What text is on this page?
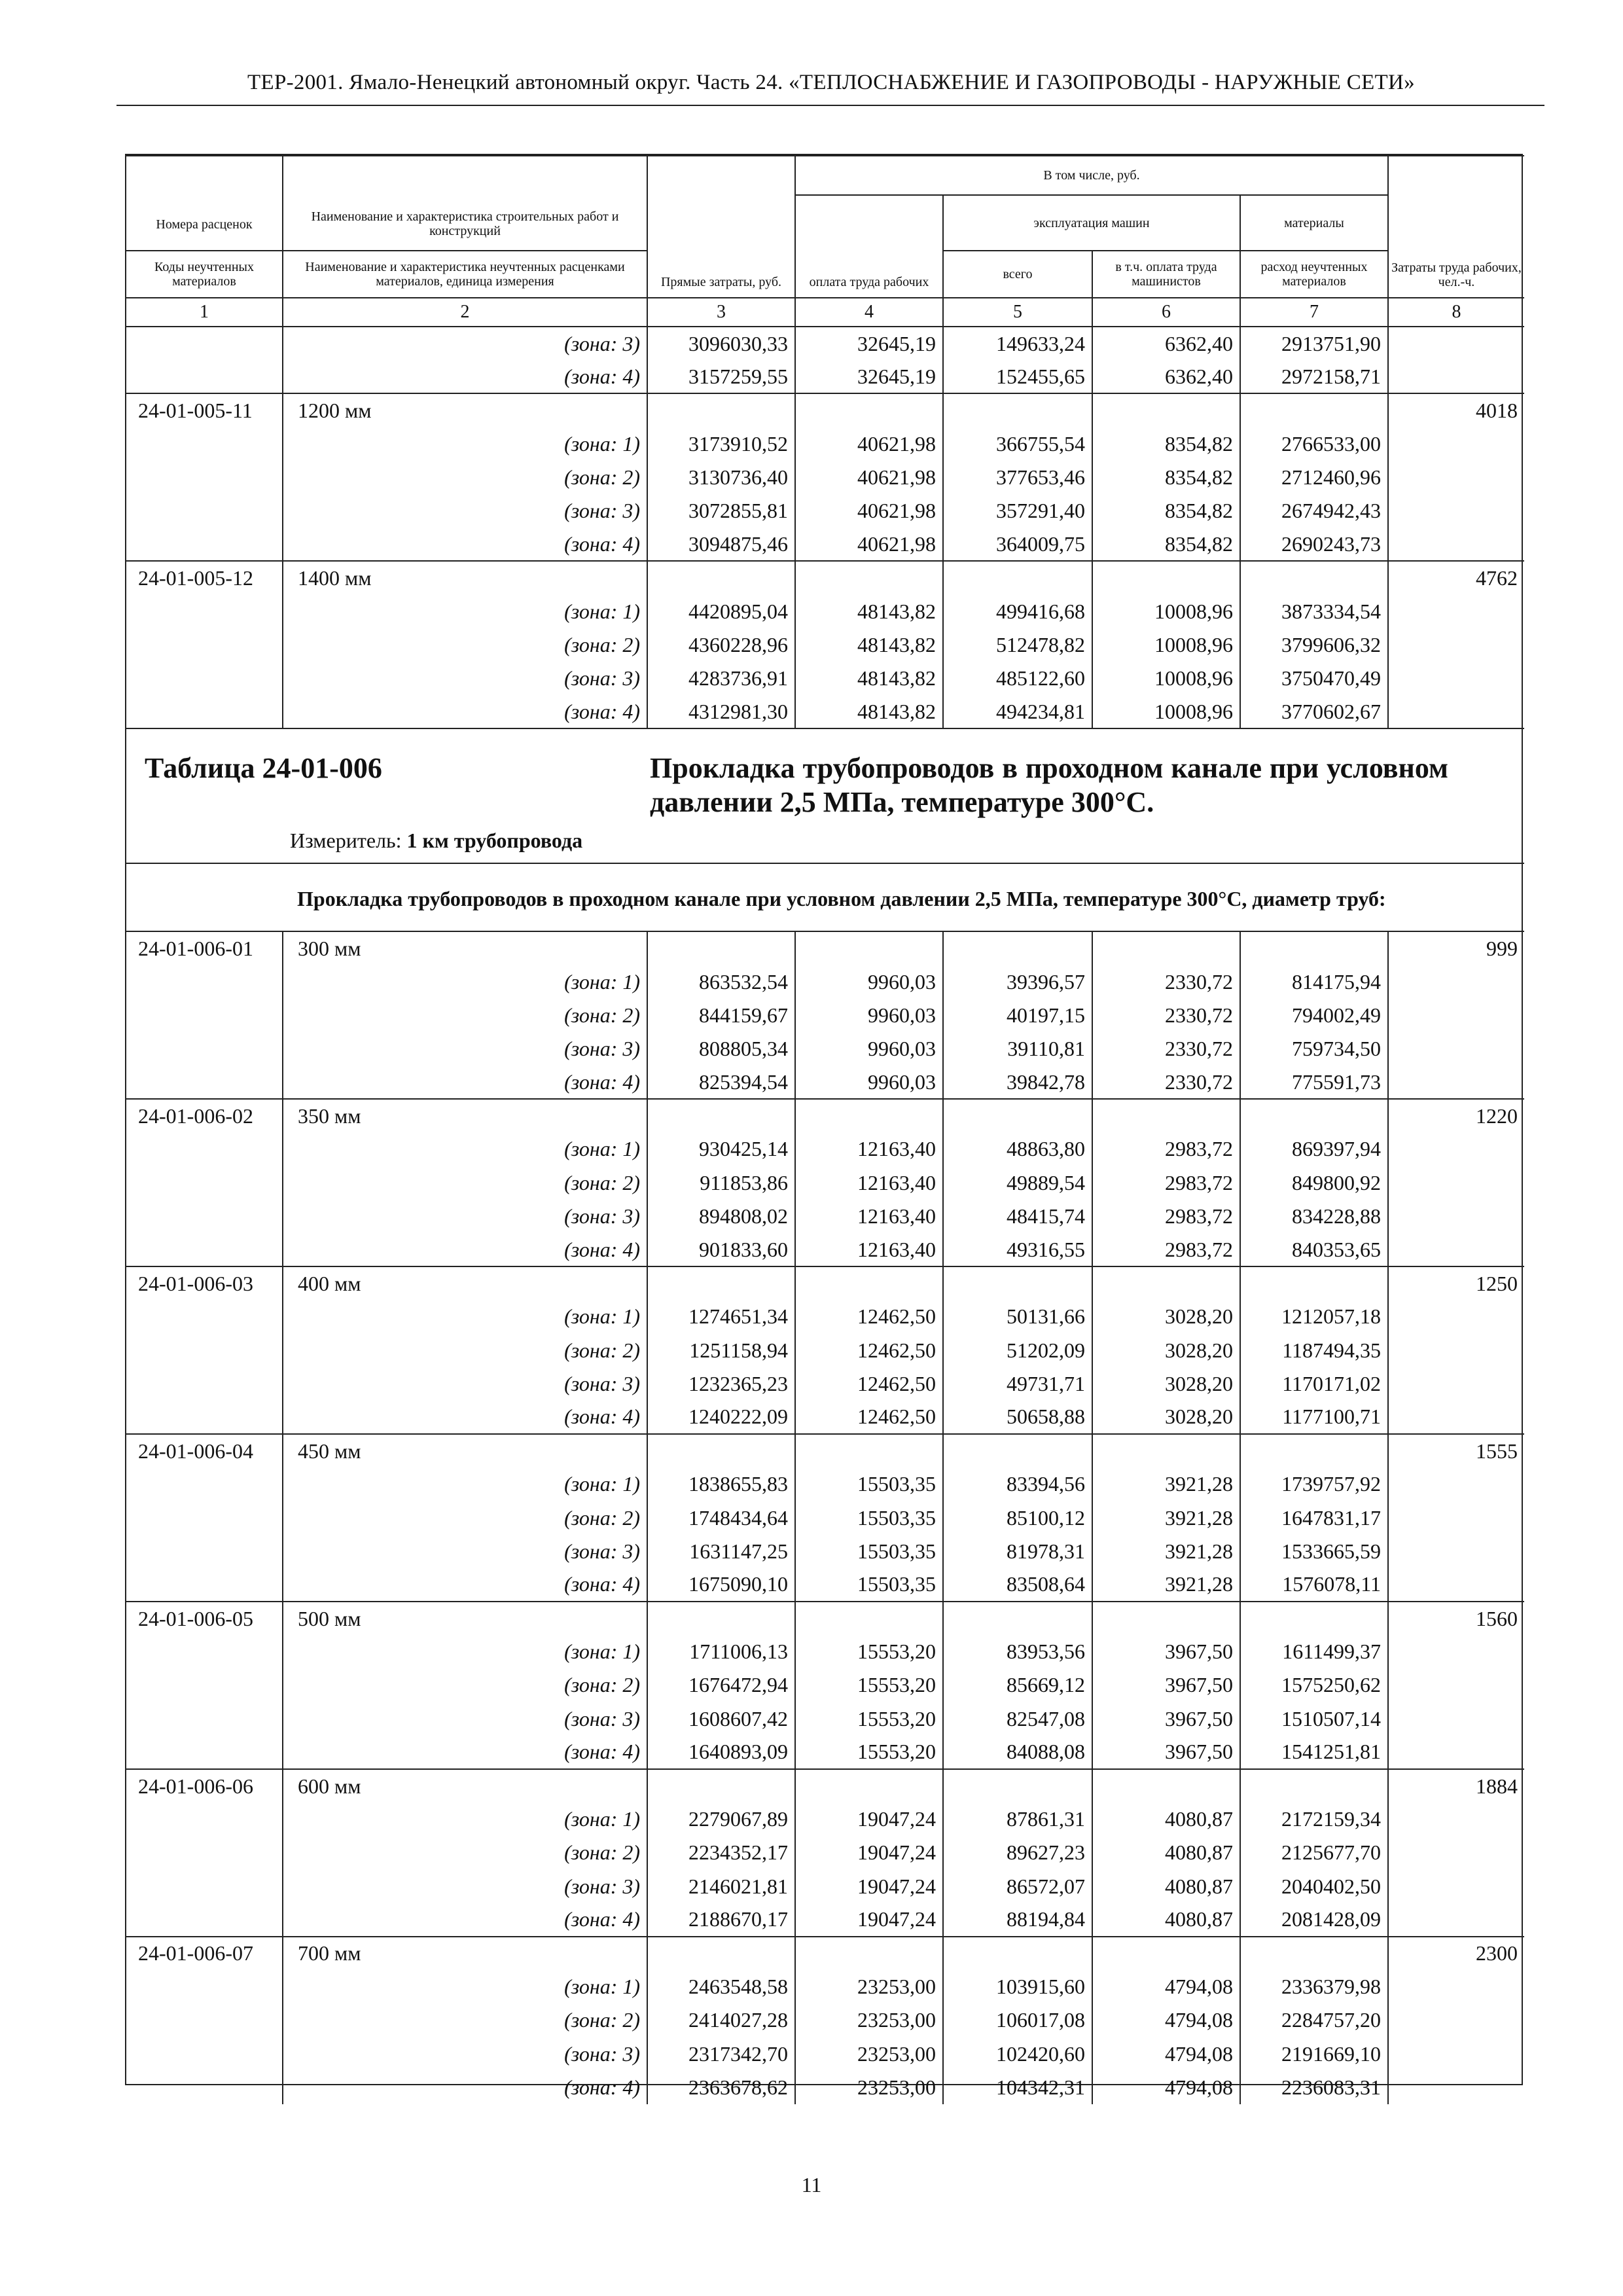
ТЕР-2001. Ямало-Ненецкий автономный округ. Часть 24. «ТЕПЛОСНАБЖЕНИЕ И ГАЗОПРОВОДЫ - НАРУЖНЫЕ СЕТИ»
Номера расценок	Наименование и характеристика строительных работ и конструкций	Прямые затраты, руб.	В том числе, руб.				Затраты труда рабочих, чел.-ч.
			оплата труда рабочих	эксплуатация машин		материалы	
Коды неучтенных материалов	Наименование и характеристика неучтенных расценками материалов, единица измерения			всего	в т.ч. оплата труда машинистов	расход неучтенных материалов	
1	2	3	4	5	6	7	8
	(зона: 3)	3096030,33	32645,19	149633,24	6362,40	2913751,90	
	(зона: 4)	3157259,55	32645,19	152455,65	6362,40	2972158,71	
24-01-005-11	1200 мм						4018
	(зона: 1)	3173910,52	40621,98	366755,54	8354,82	2766533,00	
	(зона: 2)	3130736,40	40621,98	377653,46	8354,82	2712460,96	
	(зона: 3)	3072855,81	40621,98	357291,40	8354,82	2674942,43	
	(зона: 4)	3094875,46	40621,98	364009,75	8354,82	2690243,73	
24-01-005-12	1400 мм						4762
	(зона: 1)	4420895,04	48143,82	499416,68	10008,96	3873334,54	
	(зона: 2)	4360228,96	48143,82	512478,82	10008,96	3799606,32	
	(зона: 3)	4283736,91	48143,82	485122,60	10008,96	3750470,49	
	(зона: 4)	4312981,30	48143,82	494234,81	10008,96	3770602,67	

Таблица 24-01-006 Прокладка трубопроводов в проходном канале при условном давлении 2,5 МПа, температуре 300°С.
Измеритель: 1 км трубопровода							

	Прокладка трубопроводов в проходном канале при условном давлении 2,5 МПа, температуре 300°С, диаметр труб:						

24-01-006-01	300 мм						999
	(зона: 1)	863532,54	9960,03	39396,57	2330,72	814175,94	
	(зона: 2)	844159,67	9960,03	40197,15	2330,72	794002,49	
	(зона: 3)	808805,34	9960,03	39110,81	2330,72	759734,50	
	(зона: 4)	825394,54	9960,03	39842,78	2330,72	775591,73	
24-01-006-02	350 мм						1220
	(зона: 1)	930425,14	12163,40	48863,80	2983,72	869397,94	
	(зона: 2)	911853,86	12163,40	49889,54	2983,72	849800,92	
	(зона: 3)	894808,02	12163,40	48415,74	2983,72	834228,88	
	(зона: 4)	901833,60	12163,40	49316,55	2983,72	840353,65	
24-01-006-03	400 мм						1250
	(зона: 1)	1274651,34	12462,50	50131,66	3028,20	1212057,18	
	(зона: 2)	1251158,94	12462,50	51202,09	3028,20	1187494,35	
	(зона: 3)	1232365,23	12462,50	49731,71	3028,20	1170171,02	
	(зона: 4)	1240222,09	12462,50	50658,88	3028,20	1177100,71	
24-01-006-04	450 мм						1555
	(зона: 1)	1838655,83	15503,35	83394,56	3921,28	1739757,92	
	(зона: 2)	1748434,64	15503,35	85100,12	3921,28	1647831,17	
	(зона: 3)	1631147,25	15503,35	81978,31	3921,28	1533665,59	
	(зона: 4)	1675090,10	15503,35	83508,64	3921,28	1576078,11	
24-01-006-05	500 мм						1560
	(зона: 1)	1711006,13	15553,20	83953,56	3967,50	1611499,37	
	(зона: 2)	1676472,94	15553,20	85669,12	3967,50	1575250,62	
	(зона: 3)	1608607,42	15553,20	82547,08	3967,50	1510507,14	
	(зона: 4)	1640893,09	15553,20	84088,08	3967,50	1541251,81	
24-01-006-06	600 мм						1884
	(зона: 1)	2279067,89	19047,24	87861,31	4080,87	2172159,34	
	(зона: 2)	2234352,17	19047,24	89627,23	4080,87	2125677,70	
	(зона: 3)	2146021,81	19047,24	86572,07	4080,87	2040402,50	
	(зона: 4)	2188670,17	19047,24	88194,84	4080,87	2081428,09	
24-01-006-07	700 мм						2300
	(зона: 1)	2463548,58	23253,00	103915,60	4794,08	2336379,98	
	(зона: 2)	2414027,28	23253,00	106017,08	4794,08	2284757,20	
	(зона: 3)	2317342,70	23253,00	102420,60	4794,08	2191669,10	
	(зона: 4)	2363678,62	23253,00	104342,31	4794,08	2236083,31	
11
